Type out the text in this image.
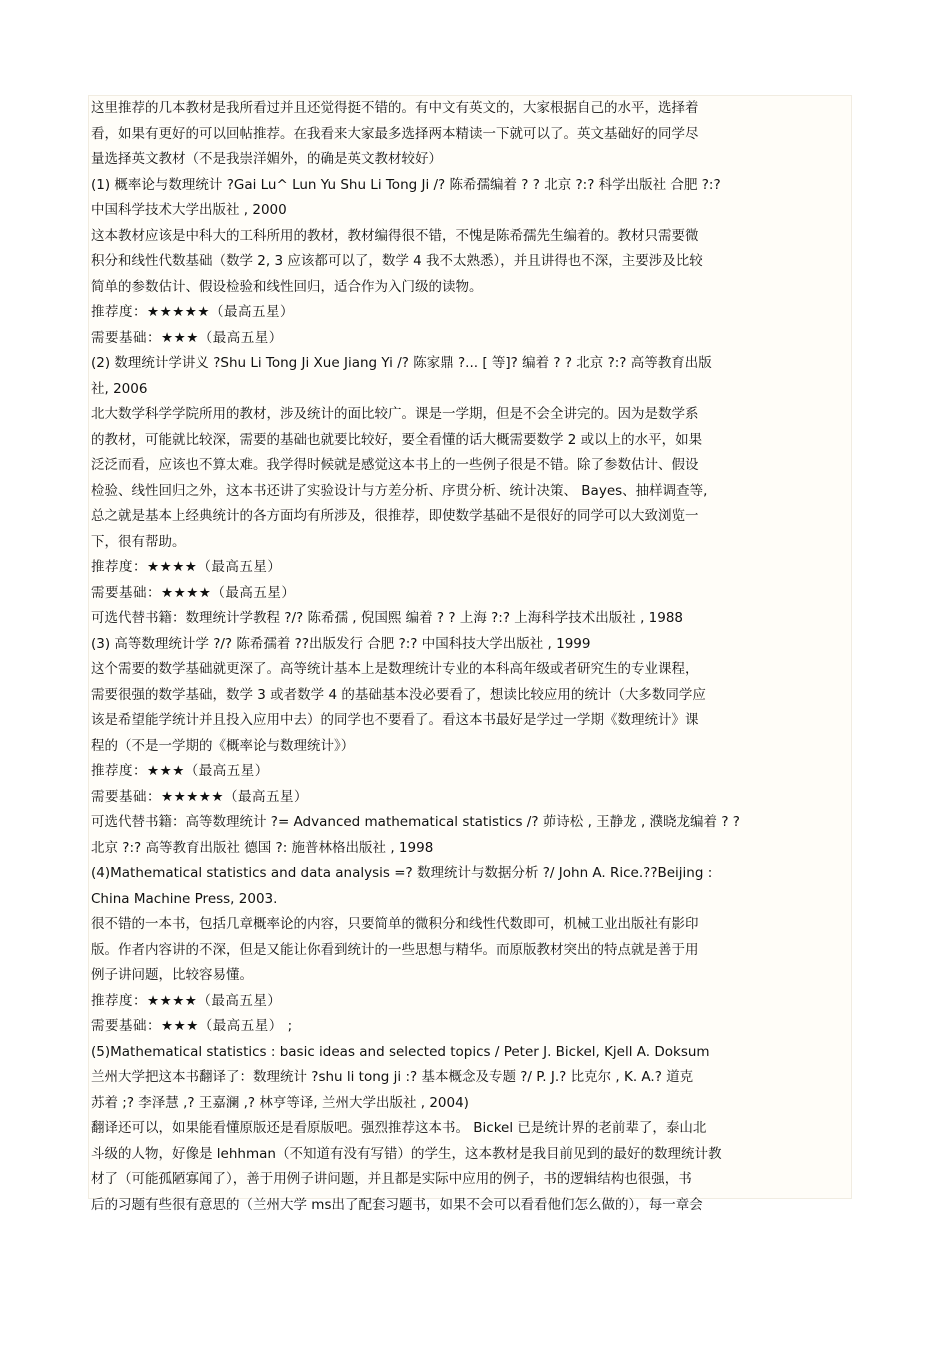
这里推荐的几本教材是我所看过并且还觉得挺不错的。有中文有英文的，大家根据自己的水平，选择着
看，如果有更好的可以回帖推荐。在我看来大家最多选择两本精读一下就可以了。英文基础好的同学尽
量选择英文教材（不是我崇洋媚外，的确是英文教材较好）
(1) 概率论与数理统计 ?Gai Lu^ Lun Yu Shu Li Tong Ji /? 陈希孺编着 ? ? 北京 ?:? 科学出版社 合肥 ?:?
中国科学技术大学出版社 , 2000
这本教材应该是中科大的工科所用的教材，教材编得很不错，不愧是陈希孺先生编着的。教材只需要微
积分和线性代数基础（数学 2, 3 应该都可以了，数学 4 我不太熟悉），并且讲得也不深，主要涉及比较
简单的参数估计、假设检验和线性回归，适合作为入门级的读物。
推荐度：★★★★★（最高五星）
需要基础：★★★（最高五星）
(2) 数理统计学讲义 ?Shu Li Tong Ji Xue Jiang Yi /? 陈家鼎 ?... [ 等]? 编着 ? ? 北京 ?:? 高等教育出版
社, 2006
北大数学科学学院所用的教材，涉及统计的面比较广。课是一学期，但是不会全讲完的。因为是数学系
的教材，可能就比较深，需要的基础也就要比较好，要全看懂的话大概需要数学 2 或以上的水平，如果
泛泛而看，应该也不算太难。我学得时候就是感觉这本书上的一些例子很是不错。除了参数估计、假设
检验、线性回归之外，这本书还讲了实验设计与方差分析、序贯分析、统计决策、 Bayes、抽样调查等,
总之就是基本上经典统计的各方面均有所涉及，很推荐，即使数学基础不是很好的同学可以大致浏览一
下，很有帮助。
推荐度：★★★★（最高五星）
需要基础：★★★★（最高五星）
可选代替书籍：数理统计学教程 ?/? 陈希孺 , 倪国熙 编着 ? ? 上海 ?:? 上海科学技术出版社 , 1988
(3) 高等数理统计学 ?/? 陈希孺着 ??出版发行 合肥 ?:? 中国科技大学出版社 , 1999
这个需要的数学基础就更深了。高等统计基本上是数理统计专业的本科高年级或者研究生的专业课程，
需要很强的数学基础，数学 3 或者数学 4 的基础基本没必要看了，想读比较应用的统计（大多数同学应
该是希望能学统计并且投入应用中去）的同学也不要看了。看这本书最好是学过一学期《数理统计》课
程的（不是一学期的《概率论与数理统计》）
推荐度：★★★（最高五星）
需要基础：★★★★★（最高五星）
可选代替书籍：高等数理统计 ?= Advanced mathematical statistics /? 茆诗松 , 王静龙 , 濮晓龙编着 ? ?
北京 ?:? 高等教育出版社 德国 ?: 施普林格出版社 , 1998
(4)Mathematical statistics and data analysis =? 数理统计与数据分析 ?/ John A. Rice.??Beijing :
China Machine Press, 2003.
很不错的一本书，包括几章概率论的内容，只要简单的微积分和线性代数即可，机械工业出版社有影印
版。作者内容讲的不深，但是又能让你看到统计的一些思想与精华。而原版教材突出的特点就是善于用
例子讲问题，比较容易懂。
推荐度：★★★★（最高五星）
需要基础：★★★（最高五星） ;
(5)Mathematical statistics : basic ideas and selected topics / Peter J. Bickel, Kjell A. Doksum
兰州大学把这本书翻译了：数理统计 ?shu li tong ji :? 基本概念及专题 ?/ P. J.? 比克尔 , K. A.? 道克
苏着 ;? 李泽慧 ,? 王嘉澜 ,? 林亨等译, 兰州大学出版社 , 2004)
翻译还可以，如果能看懂原版还是看原版吧。强烈推荐这本书。 Bickel 已是统计界的老前辈了，泰山北
斗级的人物，好像是 lehhman（不知道有没有写错）的学生，这本教材是我目前见到的最好的数理统计教
材了（可能孤陋寡闻了），善于用例子讲问题，并且都是实际中应用的例子，书的逻辑结构也很强，书
后的习题有些很有意思的（兰州大学 ms出了配套习题书，如果不会可以看看他们怎么做的），每一章会
